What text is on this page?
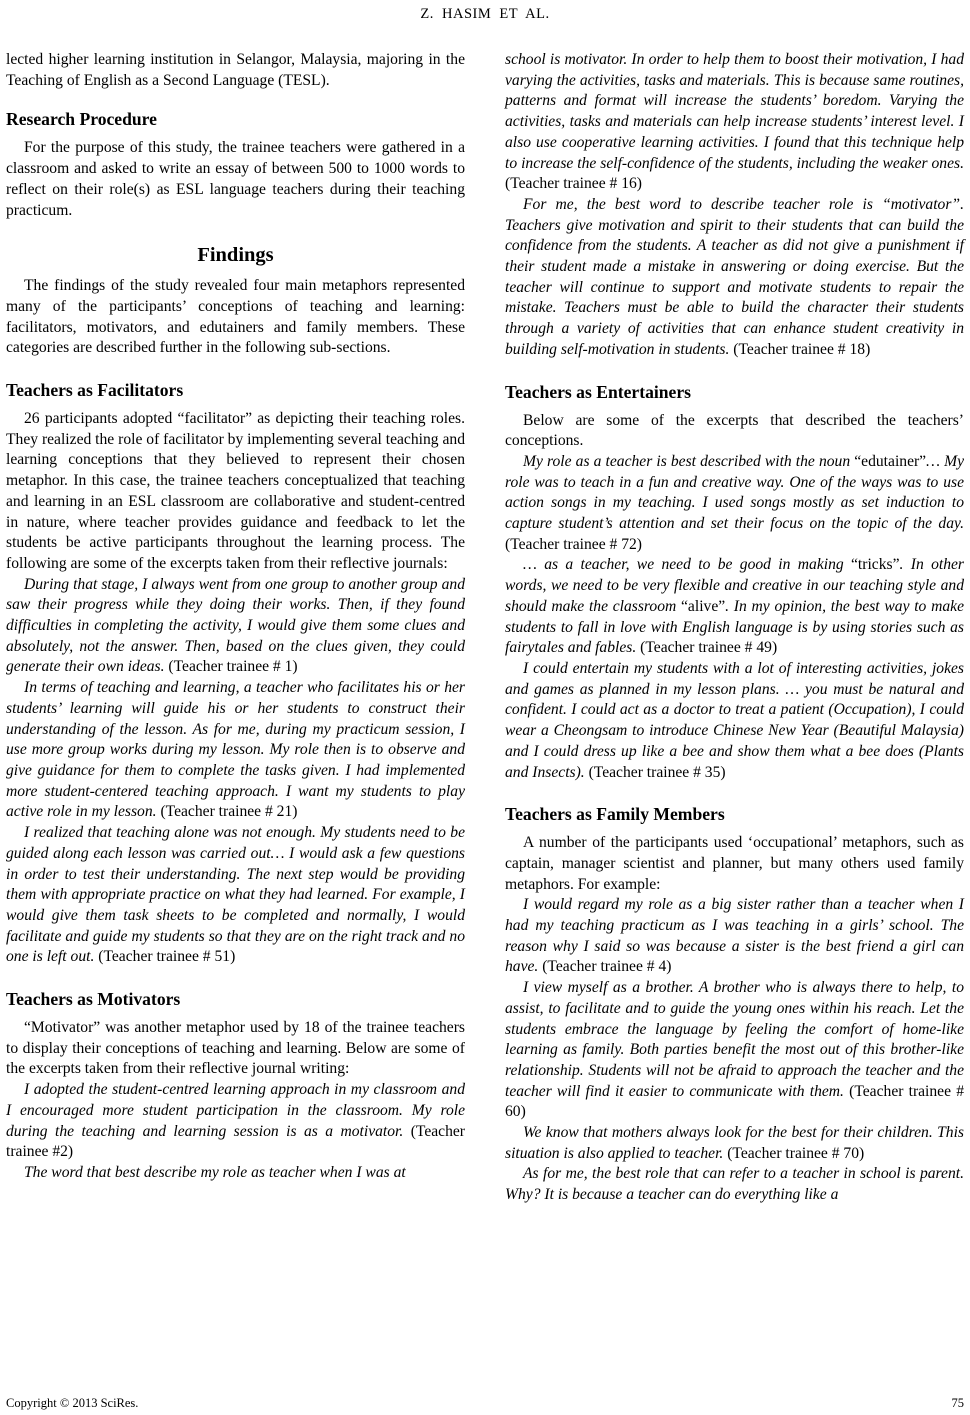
Z. HASIM ET AL.

lected higher learning institution in Selangor, Malaysia, majoring in the Teaching of English as a Second Language (TESL).

Research Procedure

For the purpose of this study, the trainee teachers were gathered in a classroom and asked to write an essay of between 500 to 1000 words to reflect on their role(s) as ESL language teachers during their teaching practicum.

Findings

The findings of the study revealed four main metaphors represented many of the participants’ conceptions of teaching and learning: facilitators, motivators, and edutainers and family members. These categories are described further in the following sub-sections.

Teachers as Facilitators

26 participants adopted “facilitator” as depicting their teaching roles. They realized the role of facilitator by implementing several teaching and learning conceptions that they believed to represent their chosen metaphor. In this case, the trainee teachers conceptualized that teaching and learning in an ESL classroom are collaborative and student-centred in nature, where teacher provides guidance and feedback to let the students be active participants throughout the learning process. The following are some of the excerpts taken from their reflective journals:

During that stage, I always went from one group to another group and saw their progress while they doing their works. Then, if they found difficulties in completing the activity, I would give them some clues and absolutely, not the answer. Then, based on the clues given, they could generate their own ideas. (Teacher trainee # 1)

In terms of teaching and learning, a teacher who facilitates his or her students’ learning will guide his or her students to construct their understanding of the lesson. As for me, during my practicum session, I use more group works during my lesson. My role then is to observe and give guidance for them to complete the tasks given. I had implemented more student-centered teaching approach. I want my students to play active role in my lesson. (Teacher trainee # 21)

I realized that teaching alone was not enough. My students need to be guided along each lesson was carried out… I would ask a few questions in order to test their understanding. The next step would be providing them with appropriate practice on what they had learned. For example, I would give them task sheets to be completed and normally, I would facilitate and guide my students so that they are on the right track and no one is left out. (Teacher trainee # 51)

Teachers as Motivators

“Motivator” was another metaphor used by 18 of the trainee teachers to display their conceptions of teaching and learning. Below are some of the excerpts taken from their reflective journal writing:

I adopted the student-centred learning approach in my classroom and I encouraged more student participation in the classroom. My role during the teaching and learning session is as a motivator. (Teacher trainee #2)

The word that best describe my role as teacher when I was at

school is motivator. In order to help them to boost their motivation, I had varying the activities, tasks and materials. This is because same routines, patterns and format will increase the students’ boredom. Varying the activities, tasks and materials can help increase students’ interest level. I also use cooperative learning activities. I found that this technique help to increase the self-confidence of the students, including the weaker ones. (Teacher trainee # 16)

For me, the best word to describe teacher role is “motivator”. Teachers give motivation and spirit to their students that can build the confidence from the students. A teacher as did not give a punishment if their student made a mistake in answering or doing exercise. But the teacher will continue to support and motivate students to repair the mistake. Teachers must be able to build the character their students through a variety of activities that can enhance student creativity in building self-motivation in students. (Teacher trainee # 18)

Teachers as Entertainers

Below are some of the excerpts that described the teachers’ conceptions.

My role as a teacher is best described with the noun “edutainer”… My role was to teach in a fun and creative way. One of the ways was to use action songs in my teaching. I used songs mostly as set induction to capture student’s attention and set their focus on the topic of the day. (Teacher trainee # 72)

… as a teacher, we need to be good in making “tricks”. In other words, we need to be very flexible and creative in our teaching style and should make the classroom “alive”. In my opinion, the best way to make students to fall in love with English language is by using stories such as fairytales and fables. (Teacher trainee # 49)

I could entertain my students with a lot of interesting activities, jokes and games as planned in my lesson plans. … you must be natural and confident. I could act as a doctor to treat a patient (Occupation), I could wear a Cheongsam to introduce Chinese New Year (Beautiful Malaysia) and I could dress up like a bee and show them what a bee does (Plants and Insects). (Teacher trainee # 35)

Teachers as Family Members

A number of the participants used ‘occupational’ metaphors, such as captain, manager scientist and planner, but many others used family metaphors. For example:

I would regard my role as a big sister rather than a teacher when I had my teaching practicum as I was teaching in a girls’ school. The reason why I said so was because a sister is the best friend a girl can have. (Teacher trainee # 4)

I view myself as a brother. A brother who is always there to help, to assist, to facilitate and to guide the young ones within his reach. Let the students embrace the language by feeling the comfort of home-like learning as family. Both parties benefit the most out of this brother-like relationship. Students will not be afraid to approach the teacher and the teacher will find it easier to communicate with them. (Teacher trainee # 60)

We know that mothers always look for the best for their children. This situation is also applied to teacher. (Teacher trainee # 70)

As for me, the best role that can refer to a teacher in school is parent. Why? It is because a teacher can do everything like a

Copyright © 2013 SciRes.	75
